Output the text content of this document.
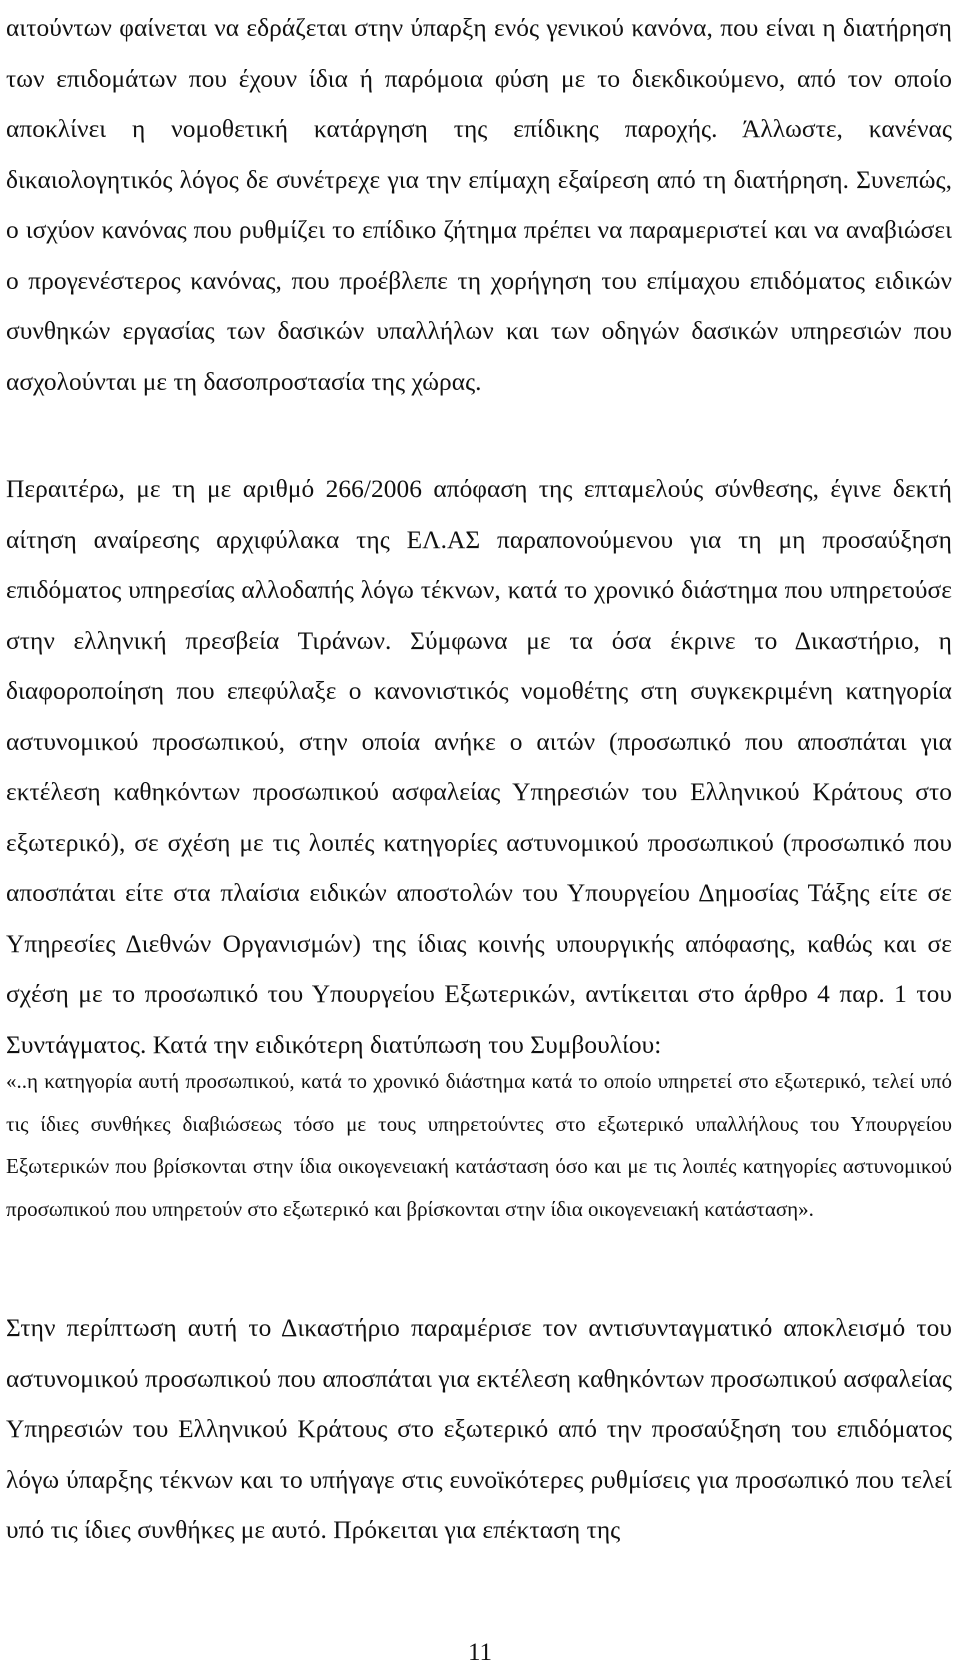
αιτούντων φαίνεται να εδράζεται στην ύπαρξη ενός γενικού κανόνα, που είναι η διατήρηση των επιδομάτων που έχουν ίδια ή παρόμοια φύση με το διεκδικούμενο, από τον οποίο αποκλίνει η νομοθετική κατάργηση της επίδικης παροχής. Άλλωστε, κανένας δικαιολογητικός λόγος δε συνέτρεχε για την επίμαχη εξαίρεση από τη διατήρηση. Συνεπώς, ο ισχύον κανόνας που ρυθμίζει το επίδικο ζήτημα πρέπει να παραμεριστεί και να αναβιώσει ο προγενέστερος κανόνας, που προέβλεπε τη χορήγηση του επίμαχου επιδόματος ειδικών συνθηκών εργασίας των δασικών υπαλλήλων και των οδηγών δασικών υπηρεσιών που ασχολούνται με τη δασοπροστασία της χώρας.

Περαιτέρω, με τη με αριθμό 266/2006 απόφαση της επταμελούς σύνθεσης, έγινε δεκτή αίτηση αναίρεσης αρχιφύλακα της ΕΛ.ΑΣ παραπονούμενου για τη μη προσαύξηση επιδόματος υπηρεσίας αλλοδαπής λόγω τέκνων, κατά το χρονικό διάστημα που υπηρετούσε στην ελληνική πρεσβεία Τιράνων. Σύμφωνα με τα όσα έκρινε το Δικαστήριο, η διαφοροποίηση που επεφύλαξε ο κανονιστικός νομοθέτης στη συγκεκριμένη κατηγορία αστυνομικού προσωπικού, στην οποία ανήκε ο αιτών (προσωπικό που αποσπάται για εκτέλεση καθηκόντων προσωπικού ασφαλείας Υπηρεσιών του Ελληνικού Κράτους στο εξωτερικό), σε σχέση με τις λοιπές κατηγορίες αστυνομικού προσωπικού (προσωπικό που αποσπάται είτε στα πλαίσια ειδικών αποστολών του Υπουργείου Δημοσίας Τάξης είτε σε Υπηρεσίες Διεθνών Οργανισμών) της ίδιας κοινής υπουργικής απόφασης, καθώς και σε σχέση με το προσωπικό του Υπουργείου Εξωτερικών, αντίκειται στο άρθρο 4 παρ. 1 του Συντάγματος. Κατά την ειδικότερη διατύπωση του Συμβουλίου:

«..η κατηγορία αυτή προσωπικού, κατά το χρονικό διάστημα κατά το οποίο υπηρετεί στο εξωτερικό, τελεί υπό τις ίδιες συνθήκες διαβιώσεως τόσο με τους υπηρετούντες στο εξωτερικό υπαλλήλους του Υπουργείου Εξωτερικών που βρίσκονται στην ίδια οικογενειακή κατάσταση όσο και με τις λοιπές κατηγορίες αστυνομικού προσωπικού που υπηρετούν στο εξωτερικό και βρίσκονται στην ίδια οικογενειακή κατάσταση».

Στην περίπτωση αυτή το Δικαστήριο παραμέρισε τον αντισυνταγματικό αποκλεισμό του αστυνομικού προσωπικού που αποσπάται για εκτέλεση καθηκόντων προσωπικού ασφαλείας Υπηρεσιών του Ελληνικού Κράτους στο εξωτερικό από την προσαύξηση του επιδόματος λόγω ύπαρξης τέκνων και το υπήγαγε στις ευνοϊκότερες ρυθμίσεις για προσωπικό που τελεί υπό τις ίδιες συνθήκες με αυτό. Πρόκειται για επέκταση της

11
